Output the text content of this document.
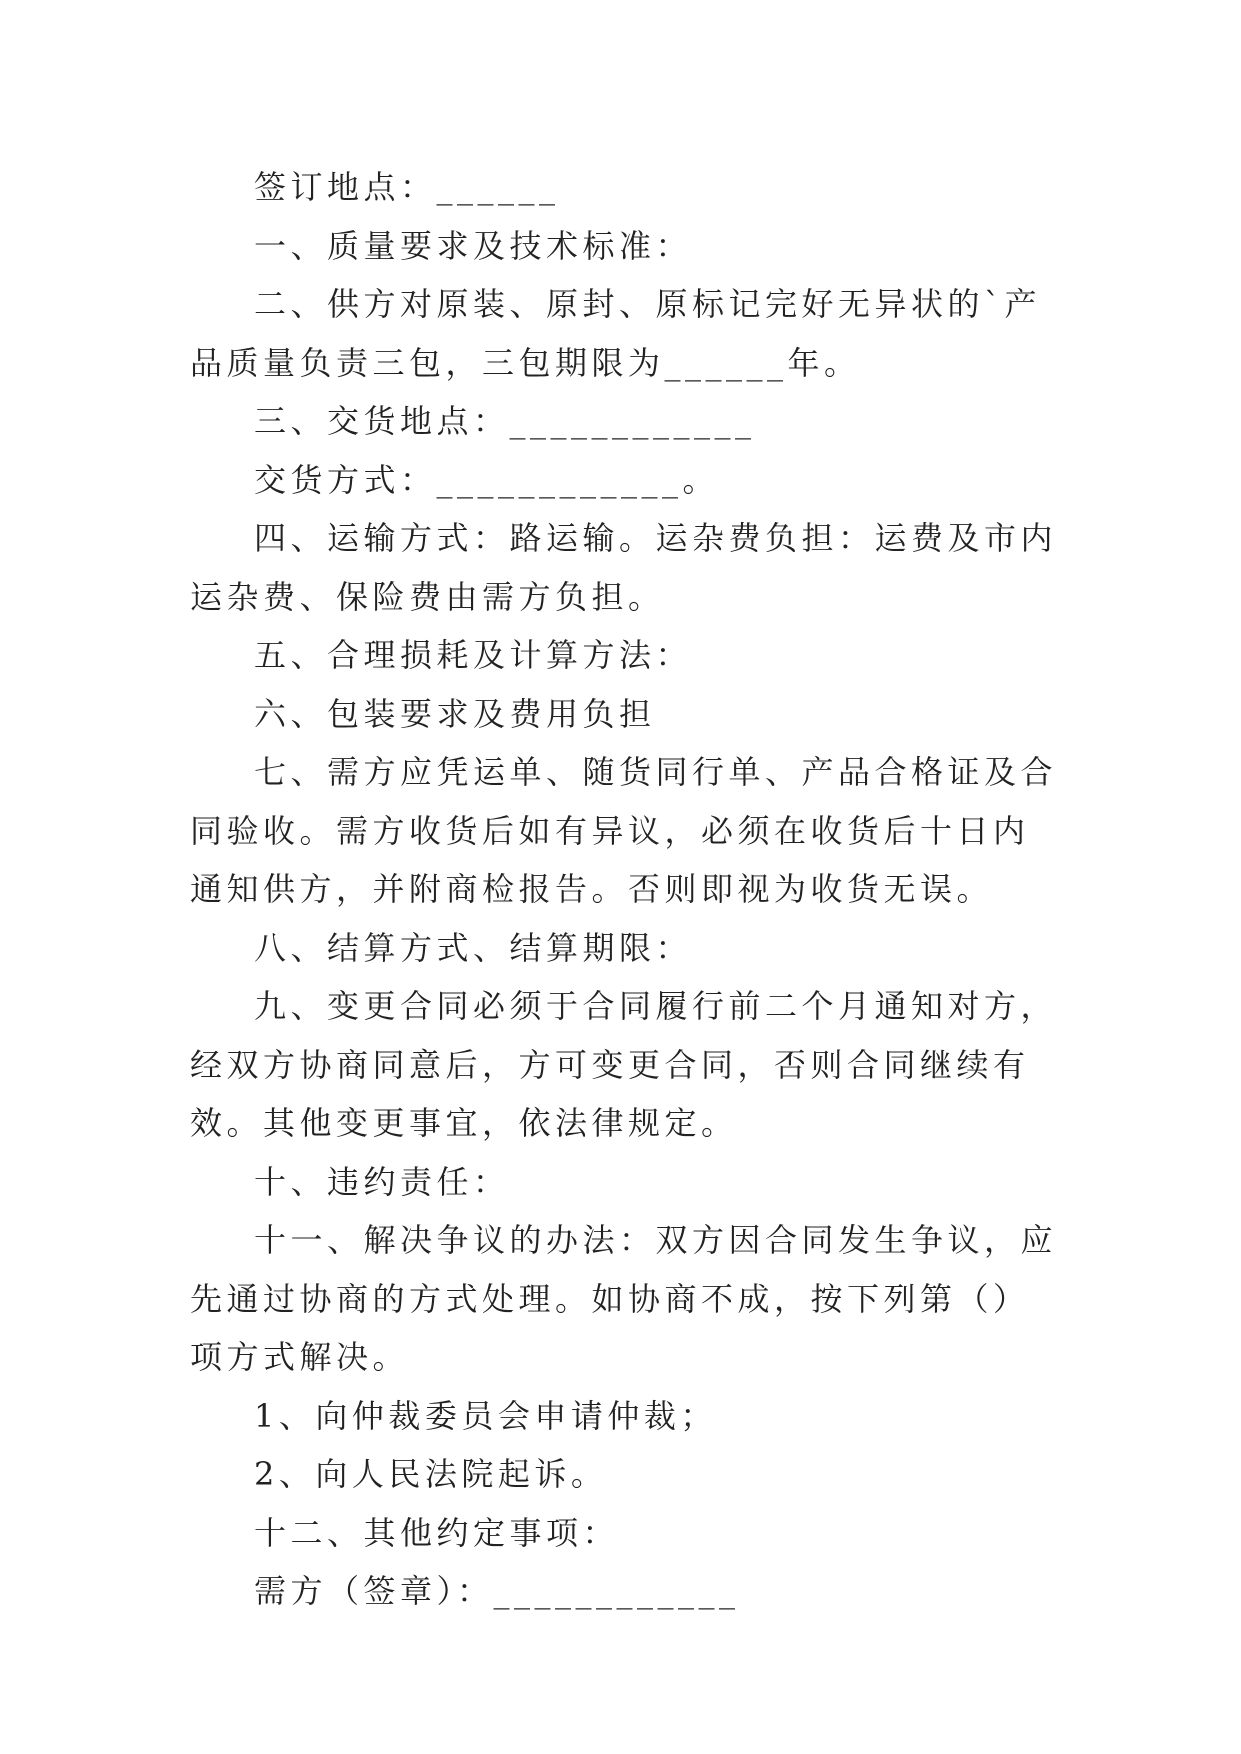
签订地点：______

一、质量要求及技术标准：

二、供方对原装、原封、原标记完好无异状的`产品质量负责三包，三包期限为______年。

三、交货地点：____________

交货方式：____________。

四、运输方式：路运输。运杂费负担：运费及市内运杂费、保险费由需方负担。

五、合理损耗及计算方法：

六、包装要求及费用负担

七、需方应凭运单、随货同行单、产品合格证及合同验收。需方收货后如有异议，必须在收货后十日内通知供方，并附商检报告。否则即视为收货无误。

八、结算方式、结算期限：

九、变更合同必须于合同履行前二个月通知对方，经双方协商同意后，方可变更合同，否则合同继续有效。其他变更事宜，依法律规定。

十、违约责任：

十一、解决争议的办法：双方因合同发生争议，应先通过协商的方式处理。如协商不成，按下列第（）项方式解决。

1、向仲裁委员会申请仲裁；

2、向人民法院起诉。

十二、其他约定事项：

需方（签章）：____________
